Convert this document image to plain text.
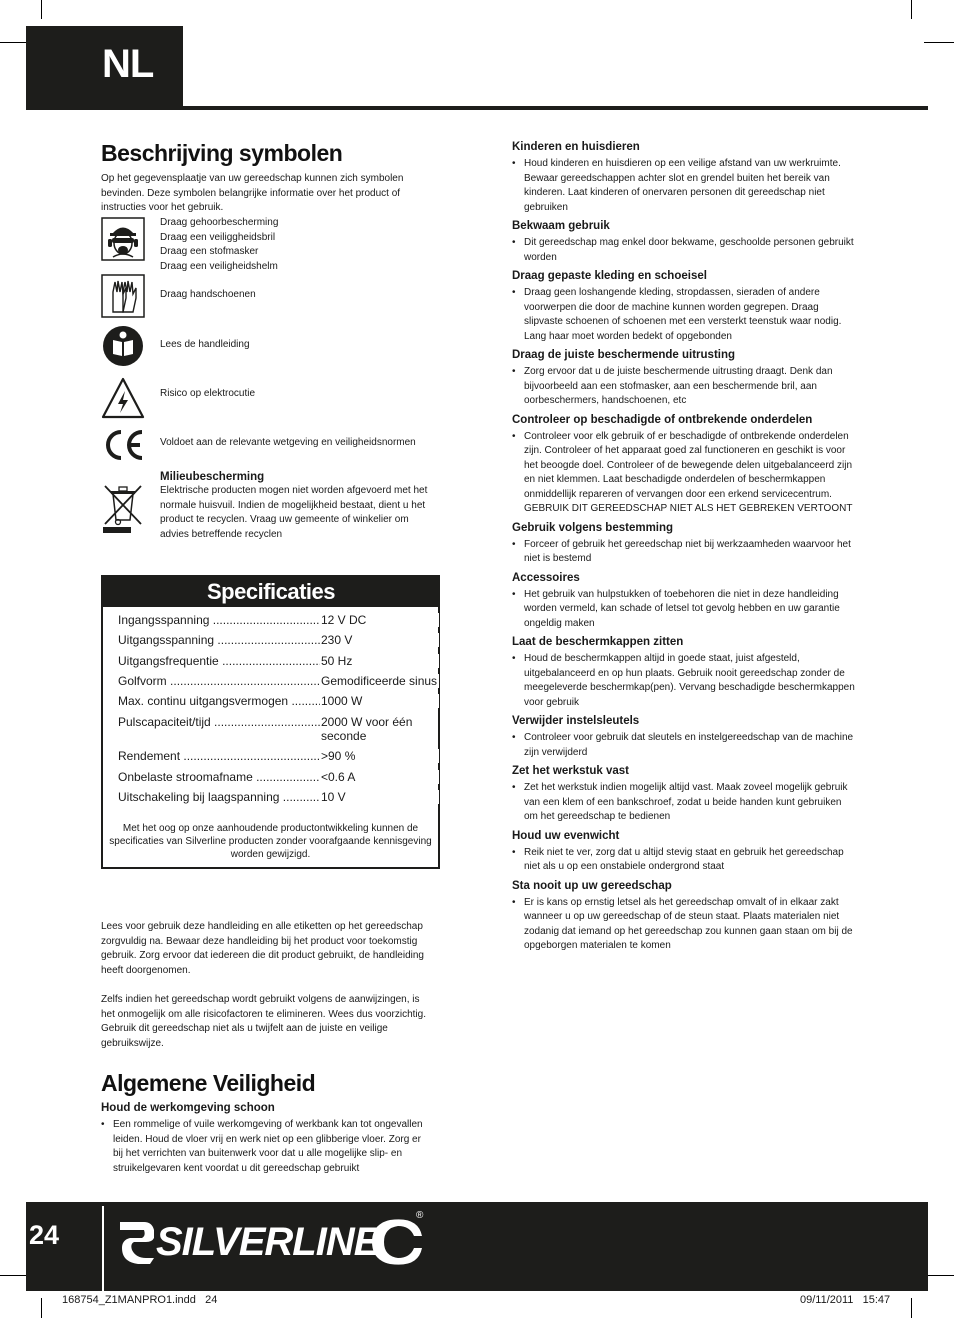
NL
Beschrijving symbolen
Op het gegevensplaatje van uw gereedschap kunnen zich symbolen bevinden. Deze symbolen belangrijke informatie over het product of instructies voor het gebruik.
Draag gehoorbescherming
Draag een veiliggheidsbril
Draag een stofmasker
Draag een veiligheidshelm
Draag handschoenen
Lees de handleiding
Risico op elektrocutie
Voldoet aan de relevante wetgeving en veiligheidsnormen
Milieubescherming
Elektrische producten mogen niet worden afgevoerd met het normale huisvuil. Indien de mogelijkheid bestaat, dient u het product te recyclen. Vraag uw gemeente of winkelier om advies betreffende recyclen
Specificaties
Ingangsspanning .....	12 V DC
Uitgangsspanning .....	230 V
Uitgangsfrequentie .....	50 Hz
Golfvorm .....	Gemodificeerde sinus
Max. continu uitgangsvermogen .....	1000 W
Pulscapaciteit/tijd .....	2000 W voor één seconde
Rendement .....	>90 %
Onbelaste stroomafname .....	<0.6 A
Uitschakeling bij laagspanning .....	10 V
Met het oog op onze aanhoudende productontwikkeling kunnen de specificaties van Silverline producten zonder voorafgaande kennisgeving worden gewijzigd.
Lees voor gebruik deze handleiding en alle etiketten op het gereedschap zorgvuldig na. Bewaar deze handleiding bij het product voor toekomstig gebruik. Zorg ervoor dat iedereen die dit product gebruikt, de handleiding heeft doorgenomen.
Zelfs indien het gereedschap wordt gebruikt volgens de aanwijzingen, is het onmogelijk om alle risicofactoren te elimineren. Wees dus voorzichtig. Gebruik dit gereedschap niet als u twijfelt aan de juiste en veilige gebruikswijze.
Algemene Veiligheid
Houd de werkomgeving schoon
• Een rommelige of vuile werkomgeving of werkbank kan tot ongevallen leiden. Houd de vloer vrij en werk niet op een glibberige vloer. Zorg er bij het verrichten van buitenwerk voor dat u alle mogelijke slip- en struikelgevaren kent voordat u dit gereedschap gebruikt
Kinderen en huisdieren
• Houd kinderen en huisdieren op een veilige afstand van uw werkruimte. Bewaar gereedschappen achter slot en grendel buiten het bereik van kinderen. Laat kinderen of onervaren personen dit gereedschap niet gebruiken
Bekwaam gebruik
• Dit gereedschap mag enkel door bekwame, geschoolde personen gebruikt worden
Draag gepaste kleding en schoeisel
• Draag geen loshangende kleding, stropdassen, sieraden of andere voorwerpen die door de machine kunnen worden gegrepen. Draag slipvaste schoenen of schoenen met een versterkt teenstuk waar nodig. Lang haar moet worden bedekt of opgebonden
Draag de juiste beschermende uitrusting
• Zorg ervoor dat u de juiste beschermende uitrusting draagt. Denk dan bijvoorbeeld aan een stofmasker, aan een beschermende bril, aan oorbeschermers, handschoenen, etc
Controleer op beschadigde of ontbrekende onderdelen
• Controleer voor elk gebruik of er beschadigde of ontbrekende onderdelen zijn. Controleer of het apparaat goed zal functioneren en geschikt is voor het beoogde doel. Controleer of de bewegende delen uitgebalanceerd zijn en niet klemmen. Laat beschadigde onderdelen of beschermkappen onmiddellijk repareren of vervangen door een erkend servicecentrum. GEBRUIK DIT GEREEDSCHAP NIET ALS HET GEBREKEN VERTOONT
Gebruik volgens bestemming
• Forceer of gebruik het gereedschap niet bij werkzaamheden waarvoor het niet is bestemd
Accessoires
• Het gebruik van hulpstukken of toebehoren die niet in deze handleiding worden vermeld, kan schade of letsel tot gevolg hebben en uw garantie ongeldig maken
Laat de beschermkappen zitten
• Houd de beschermkappen altijd in goede staat, juist afgesteld, uitgebalanceerd en op hun plaats. Gebruik nooit gereedschap zonder de meegeleverde beschermkap(pen). Vervang beschadigde beschermkappen voor gebruik
Verwijder instelsleutels
• Controleer voor gebruik dat sleutels en instelgereedschap van de machine zijn verwijderd
Zet het werkstuk vast
• Zet het werkstuk indien mogelijk altijd vast. Maak zoveel mogelijk gebruik van een klem of een bankschroef, zodat u beide handen kunt gebruiken om het gereedschap te bedienen
Houd uw evenwicht
• Reik niet te ver, zorg dat u altijd stevig staat en gebruik het gereedschap niet als u op een onstabiele ondergrond staat
Sta nooit up uw gereedschap
• Er is kans op ernstig letsel als het gereedschap omvalt of in elkaar zakt wanneer u op uw gereedschap of de steun staat. Plaats materialen niet zodanig dat iemand op het gereedschap zou kunnen gaan staan om bij de opgeborgen materialen te komen
24 SILVERLINE
®
168754_Z1MANPRO1.indd   24	09/11/2011   15:47
